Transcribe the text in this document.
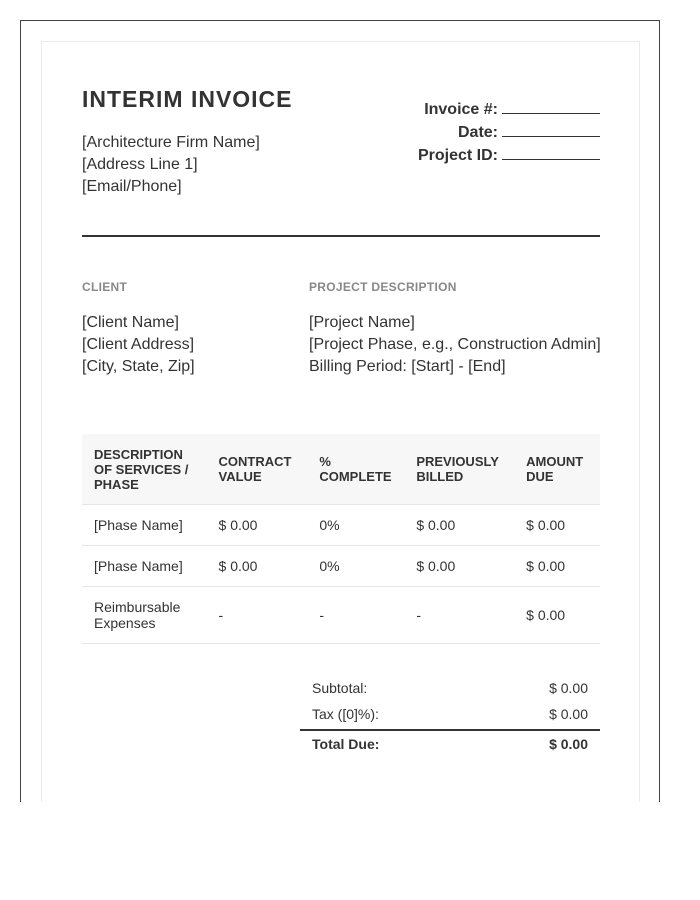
INTERIM INVOICE
[Architecture Firm Name]
[Address Line 1]
[Email/Phone]
Invoice #:
Date:
Project ID:
CLIENT	PROJECT DESCRIPTION
[Client Name]
[Client Address]
[City, State, Zip]
[Project Name]
[Project Phase, e.g., Construction Admin]
Billing Period: [Start] - [End]
DESCRIPTION OF SERVICES / PHASE	CONTRACT VALUE	% COMPLETE	PREVIOUSLY BILLED	AMOUNT DUE
[Phase Name]	$ 0.00	0%	$ 0.00	$ 0.00
[Phase Name]	$ 0.00	0%	$ 0.00	$ 0.00
Reimbursable Expenses	-	-	-	$ 0.00
Subtotal:	$ 0.00
Tax ([0]%):	$ 0.00
Total Due:	$ 0.00
